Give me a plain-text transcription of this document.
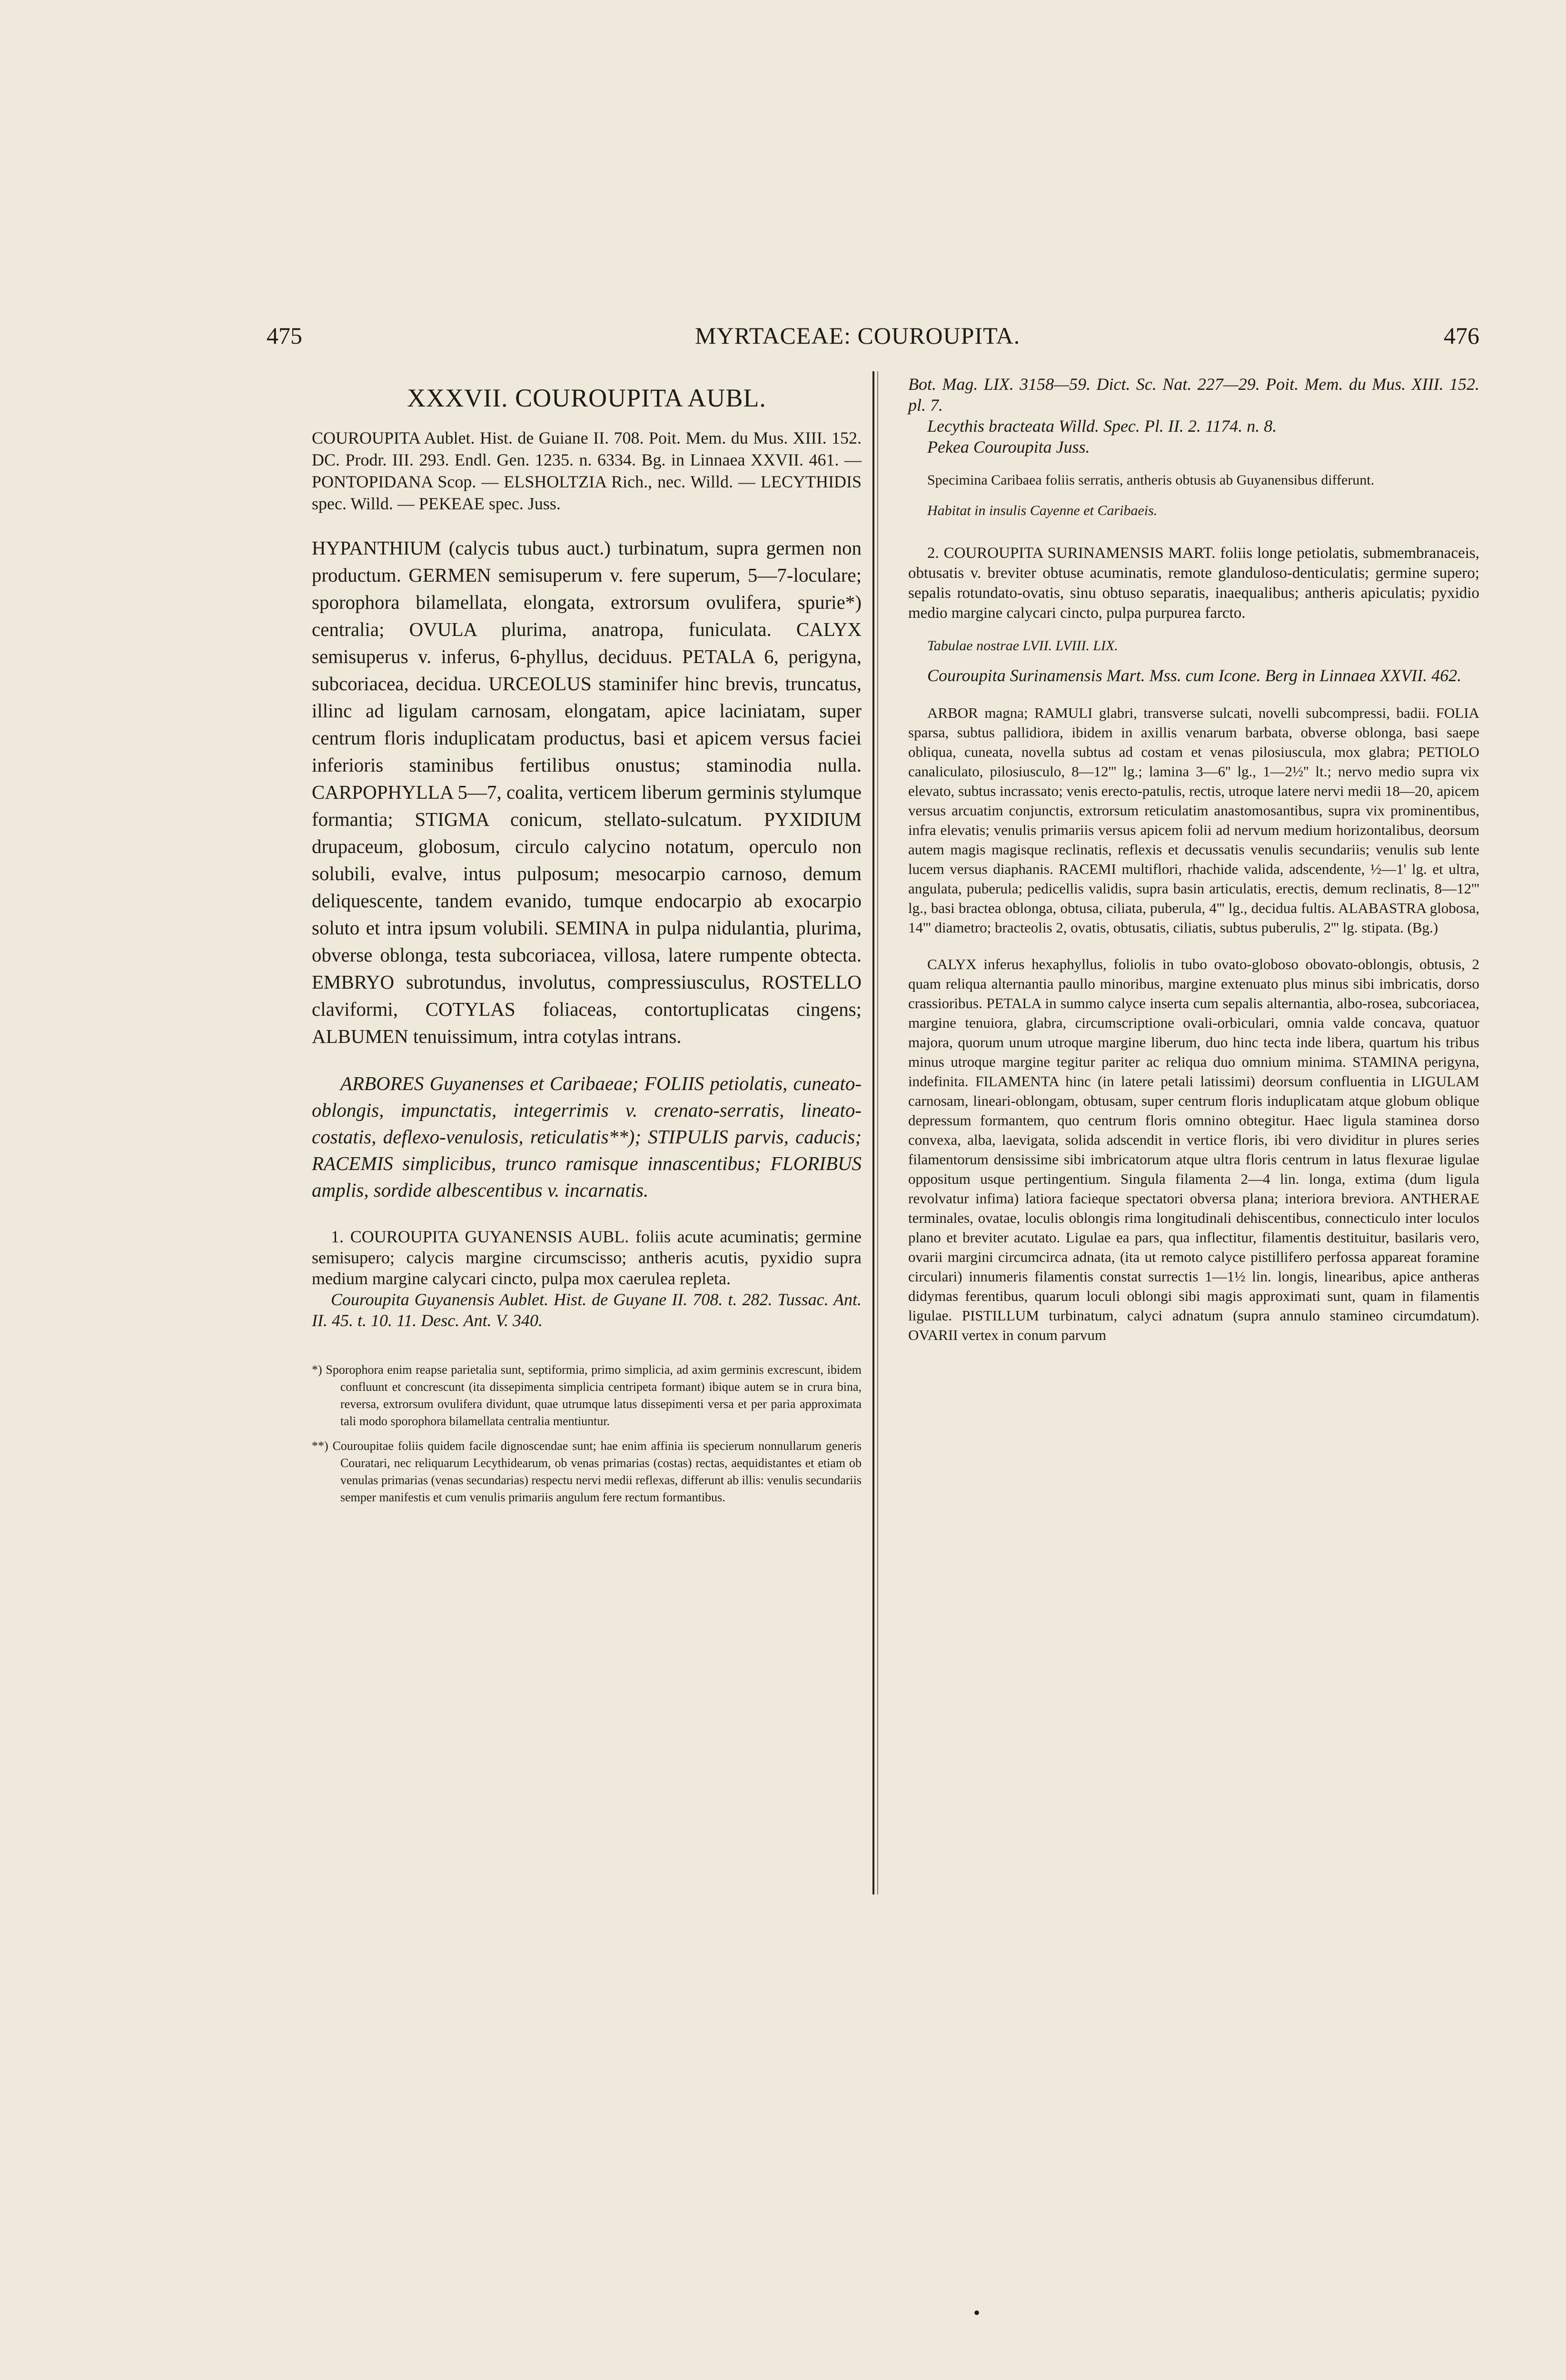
475	MYRTACEAE: COUROUPITA.	476

XXXVII. COUROUPITA AUBL.

COUROUPITA Aublet. Hist. de Guiane II. 708. Poit. Mem. du Mus. XIII. 152. DC. Prodr. III. 293. Endl. Gen. 1235. n. 6334. Bg. in Linnaea XXVII. 461. — PONTOPIDANA Scop. — ELSHOLTZIA Rich., nec. Willd. — LECYTHIDIS spec. Willd. — PEKEAE spec. Juss.

HYPANTHIUM (calycis tubus auct.) turbinatum, supra germen non productum. GERMEN semisuperum v. fere superum, 5—7-loculare; sporophora bilamellata, elongata, extrorsum ovulifera, spurie*) centralia; OVULA plurima, anatropa, funiculata. CALYX semisuperus v. inferus, 6-phyllus, deciduus. PETALA 6, perigyna, subcoriacea, decidua. URCEOLUS staminifer hinc brevis, truncatus, illinc ad ligulam carnosam, elongatam, apice laciniatam, super centrum floris induplicatam productus, basi et apicem versus faciei inferioris staminibus fertilibus onustus; staminodia nulla. CARPOPHYLLA 5—7, coalita, verticem liberum germinis stylumque formantia; STIGMA conicum, stellato-sulcatum. PYXIDIUM drupaceum, globosum, circulo calycino notatum, operculo non solubili, evalve, intus pulposum; mesocarpio carnoso, demum deliquescente, tandem evanido, tumque endocarpio ab exocarpio soluto et intra ipsum volubili. SEMINA in pulpa nidulantia, plurima, obverse oblonga, testa subcoriacea, villosa, latere rumpente obtecta. EMBRYO subrotundus, involutus, compressiusculus, ROSTELLO claviformi, COTYLAS foliaceas, contortuplicatas cingens; ALBUMEN tenuissimum, intra cotylas intrans.

ARBORES Guyanenses et Caribaeae; FOLIIS petiolatis, cuneato-oblongis, impunctatis, integerrimis v. crenato-serratis, lineato-costatis, deflexo-venulosis, reticulatis**); STIPULIS parvis, caducis; RACEMIS simplicibus, trunco ramisque innascentibus; FLORIBUS amplis, sordide albescentibus v. incarnatis.

1. COUROUPITA GUYANENSIS AUBL. foliis acute acuminatis; germine semisupero; calycis margine circumscisso; antheris acutis, pyxidio supra medium margine calycari cincto, pulpa mox caerulea repleta.

Couroupita Guyanensis Aublet. Hist. de Guyane II. 708. t. 282. Tussac. Ant. II. 45. t. 10. 11. Desc. Ant. V. 340.

*) Sporophora enim reapse parietalia sunt, septiformia, primo simplicia, ad axim germinis excrescunt, ibidem confluunt et concrescunt (ita dissepimenta simplicia centripeta formant) ibique autem se in crura bina, reversa, extrorsum ovulifera dividunt, quae utrumque latus dissepimenti versa et per paria approximata tali modo sporophora bilamellata centralia mentiuntur.

**) Couroupitae foliis quidem facile dignoscendae sunt; hae enim affinia iis specierum nonnullarum generis Couratari, nec reliquarum Lecythidearum, ob venas primarias (costas) rectas, aequidistantes et etiam ob venulas primarias (venas secundarias) respectu nervi medii reflexas, differunt ab illis: venulis secundariis semper manifestis et cum venulis primariis angulum fere rectum formantibus.

Bot. Mag. LIX. 3158—59. Dict. Sc. Nat. 227—29. Poit. Mem. du Mus. XIII. 152. pl. 7.

Lecythis bracteata Willd. Spec. Pl. II. 2. 1174. n. 8.

Pekea Couroupita Juss.

Specimina Caribaea foliis serratis, antheris obtusis ab Guyanensibus differunt.

Habitat in insulis Cayenne et Caribaeis.

2. COUROUPITA SURINAMENSIS MART. foliis longe petiolatis, submembranaceis, obtusatis v. breviter obtuse acuminatis, remote glanduloso-denticulatis; germine supero; sepalis rotundato-ovatis, sinu obtuso separatis, inaequalibus; antheris apiculatis; pyxidio medio margine calycari cincto, pulpa purpurea farcto.

Tabulae nostrae LVII. LVIII. LIX.

Couroupita Surinamensis Mart. Mss. cum Icone. Berg in Linnaea XXVII. 462.

ARBOR magna; RAMULI glabri, transverse sulcati, novelli subcompressi, badii. FOLIA sparsa, subtus pallidiora, ibidem in axillis venarum barbata, obverse oblonga, basi saepe obliqua, cuneata, novella subtus ad costam et venas pilosiuscula, mox glabra; PETIOLO canaliculato, pilosiusculo, 8—12''' lg.; lamina 3—6'' lg., 1—2½'' lt.; nervo medio supra vix elevato, subtus incrassato; venis erecto-patulis, rectis, utroque latere nervi medii 18—20, apicem versus arcuatim conjunctis, extrorsum reticulatim anastomosantibus, supra vix prominentibus, infra elevatis; venulis primariis versus apicem folii ad nervum medium horizontalibus, deorsum autem magis magisque reclinatis, reflexis et decussatis venulis secundariis; venulis sub lente lucem versus diaphanis. RACEMI multiflori, rhachide valida, adscendente, ½—1' lg. et ultra, angulata, puberula; pedicellis validis, supra basin articulatis, erectis, demum reclinatis, 8—12''' lg., basi bractea oblonga, obtusa, ciliata, puberula, 4''' lg., decidua fultis. ALABASTRA globosa, 14''' diametro; bracteolis 2, ovatis, obtusatis, ciliatis, subtus puberulis, 2''' lg. stipata. (Bg.)

CALYX inferus hexaphyllus, foliolis in tubo ovato-globoso obovato-oblongis, obtusis, 2 quam reliqua alternantia paullo minoribus, margine extenuato plus minus sibi imbricatis, dorso crassioribus. PETALA in summo calyce inserta cum sepalis alternantia, albo-rosea, subcoriacea, margine tenuiora, glabra, circumscriptione ovali-orbiculari, omnia valde concava, quatuor majora, quorum unum utroque margine liberum, duo hinc tecta inde libera, quartum his tribus minus utroque margine tegitur pariter ac reliqua duo omnium minima. STAMINA perigyna, indefinita. FILAMENTA hinc (in latere petali latissimi) deorsum confluentia in LIGULAM carnosam, lineari-oblongam, obtusam, super centrum floris induplicatam atque globum oblique depressum formantem, quo centrum floris omnino obtegitur. Haec ligula staminea dorso convexa, alba, laevigata, solida adscendit in vertice floris, ibi vero dividitur in plures series filamentorum densissime sibi imbricatorum atque ultra floris centrum in latus flexurae ligulae oppositum usque pertingentium. Singula filamenta 2—4 lin. longa, extima (dum ligula revolvatur infima) latiora facieque spectatori obversa plana; interiora breviora. ANTHERAE terminales, ovatae, loculis oblongis rima longitudinali dehiscentibus, connecticulo inter loculos plano et breviter acutato. Ligulae ea pars, qua inflectitur, filamentis destituitur, basilaris vero, ovarii margini circumcirca adnata, (ita ut remoto calyce pistillifero perfossa appareat foramine circulari) innumeris filamentis constat surrectis 1—1½ lin. longis, linearibus, apice antheras didymas ferentibus, quarum loculi oblongi sibi magis approximati sunt, quam in filamentis ligulae. PISTILLUM turbinatum, calyci adnatum (supra annulo stamineo circumdatum). OVARII vertex in conum parvum

•
